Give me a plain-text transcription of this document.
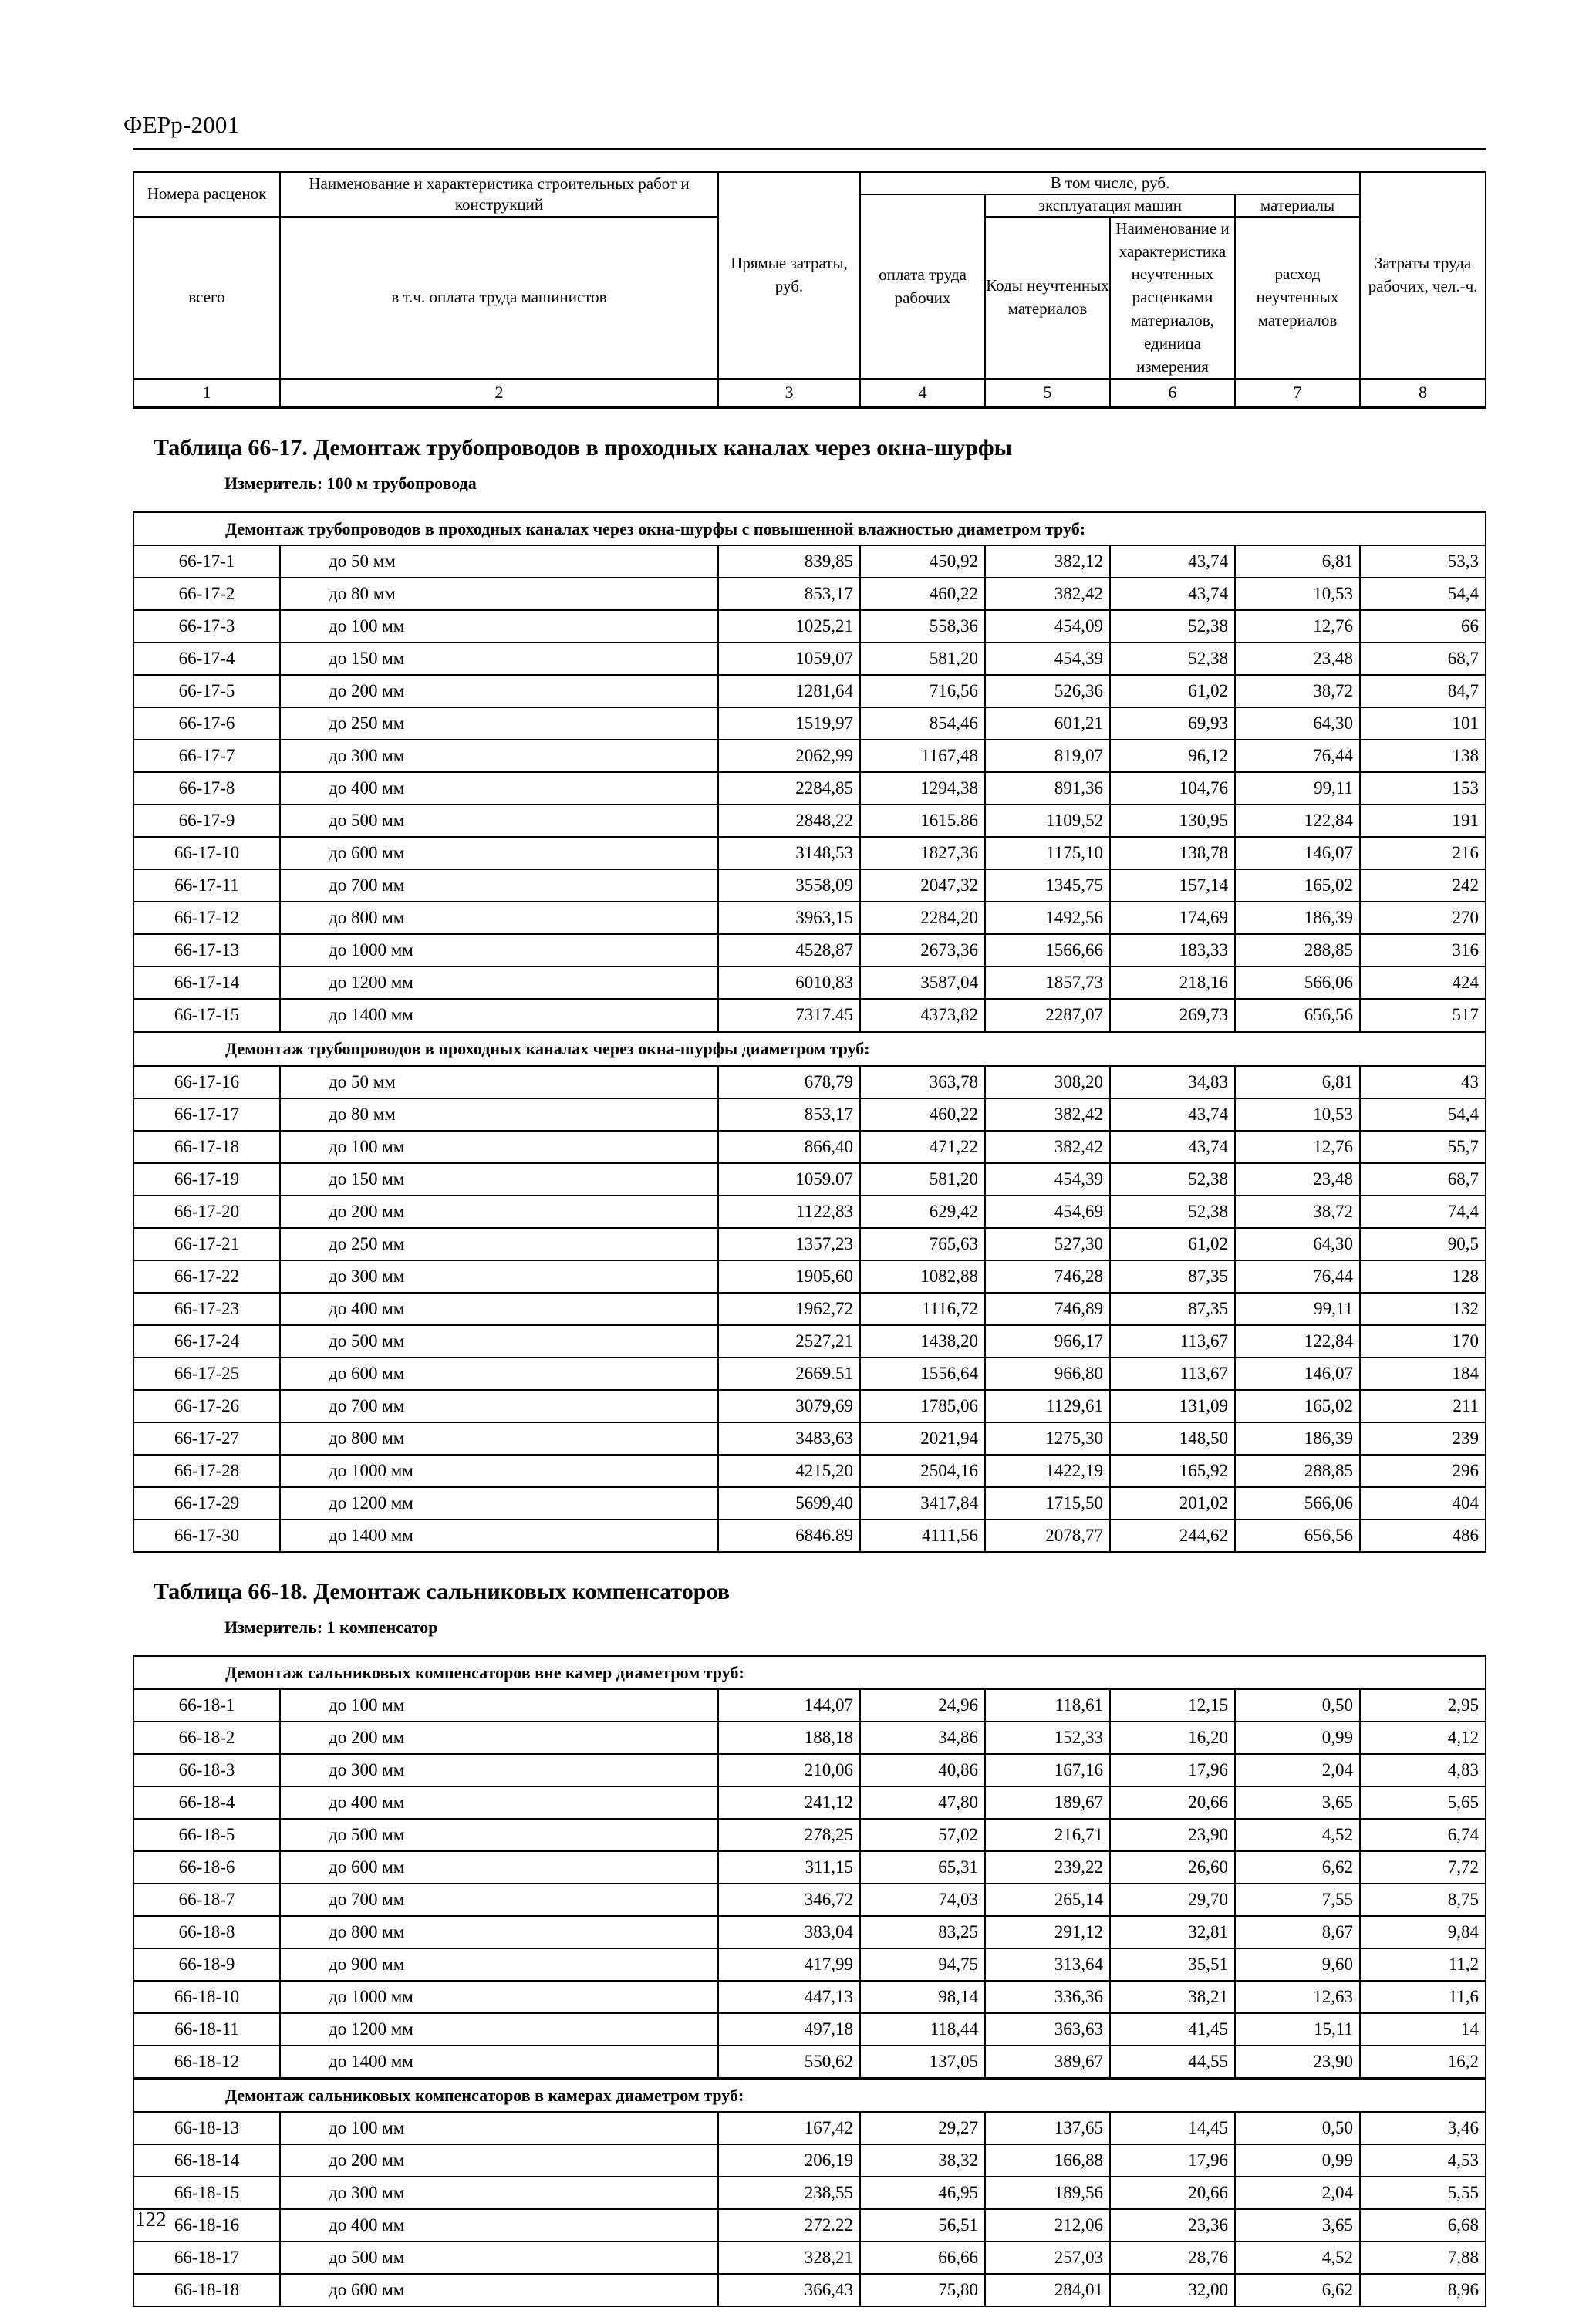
ФЕРр-2001
Номера расценок	Наименование и характеристика строительных работ и конструкций	Прямые затраты, руб.	В том числе, руб.				Затраты труда рабочих, чел.-ч.
			оплата труда рабочих	эксплуатация машин		материалы	
всего	в т.ч. оплата труда машинистов						
				Коды неучтенных материалов	Наименование и характеристика неучтенных расценками материалов, единица измерения	расход неучтенных материалов	
1	2	3	4	5	6	7	8

Таблица 66-17. Демонтаж трубопроводов в проходных каналах через окна-шурфы
Измеритель: 100 м трубопровода							

Демонтаж трубопроводов в проходных каналах через окна-шурфы с повышенной влажностью диаметром труб:							
66-17-1	до 50 мм	839,85	450,92	382,12	43,74	6,81	53,3
66-17-2	до 80 мм	853,17	460,22	382,42	43,74	10,53	54,4
66-17-3	до 100 мм	1025,21	558,36	454,09	52,38	12,76	66
66-17-4	до 150 мм	1059,07	581,20	454,39	52,38	23,48	68,7
66-17-5	до 200 мм	1281,64	716,56	526,36	61,02	38,72	84,7
66-17-6	до 250 мм	1519,97	854,46	601,21	69,93	64,30	101
66-17-7	до 300 мм	2062,99	1167,48	819,07	96,12	76,44	138
66-17-8	до 400 мм	2284,85	1294,38	891,36	104,76	99,11	153
66-17-9	до 500 мм	2848,22	1615.86	1109,52	130,95	122,84	191
66-17-10	до 600 мм	3148,53	1827,36	1175,10	138,78	146,07	216
66-17-11	до 700 мм	3558,09	2047,32	1345,75	157,14	165,02	242
66-17-12	до 800 мм	3963,15	2284,20	1492,56	174,69	186,39	270
66-17-13	до 1000 мм	4528,87	2673,36	1566,66	183,33	288,85	316
66-17-14	до 1200 мм	6010,83	3587,04	1857,73	218,16	566,06	424
66-17-15	до 1400 мм	7317.45	4373,82	2287,07	269,73	656,56	517
Демонтаж трубопроводов в проходных каналах через окна-шурфы диаметром труб:							
66-17-16	до 50 мм	678,79	363,78	308,20	34,83	6,81	43
66-17-17	до 80 мм	853,17	460,22	382,42	43,74	10,53	54,4
66-17-18	до 100 мм	866,40	471,22	382,42	43,74	12,76	55,7
66-17-19	до 150 мм	1059.07	581,20	454,39	52,38	23,48	68,7
66-17-20	до 200 мм	1122,83	629,42	454,69	52,38	38,72	74,4
66-17-21	до 250 мм	1357,23	765,63	527,30	61,02	64,30	90,5
66-17-22	до 300 мм	1905,60	1082,88	746,28	87,35	76,44	128
66-17-23	до 400 мм	1962,72	1116,72	746,89	87,35	99,11	132
66-17-24	до 500 мм	2527,21	1438,20	966,17	113,67	122,84	170
66-17-25	до 600 мм	2669.51	1556,64	966,80	113,67	146,07	184
66-17-26	до 700 мм	3079,69	1785,06	1129,61	131,09	165,02	211
66-17-27	до 800 мм	3483,63	2021,94	1275,30	148,50	186,39	239
66-17-28	до 1000 мм	4215,20	2504,16	1422,19	165,92	288,85	296
66-17-29	до 1200 мм	5699,40	3417,84	1715,50	201,02	566,06	404
66-17-30	до 1400 мм	6846.89	4111,56	2078,77	244,62	656,56	486

Таблица 66-18. Демонтаж сальниковых компенсаторов
Измеритель: 1 компенсатор							

Демонтаж сальниковых компенсаторов вне камер диаметром труб:							
66-18-1	до 100 мм	144,07	24,96	118,61	12,15	0,50	2,95
66-18-2	до 200 мм	188,18	34,86	152,33	16,20	0,99	4,12
66-18-3	до 300 мм	210,06	40,86	167,16	17,96	2,04	4,83
66-18-4	до 400 мм	241,12	47,80	189,67	20,66	3,65	5,65
66-18-5	до 500 мм	278,25	57,02	216,71	23,90	4,52	6,74
66-18-6	до 600 мм	311,15	65,31	239,22	26,60	6,62	7,72
66-18-7	до 700 мм	346,72	74,03	265,14	29,70	7,55	8,75
66-18-8	до 800 мм	383,04	83,25	291,12	32,81	8,67	9,84
66-18-9	до 900 мм	417,99	94,75	313,64	35,51	9,60	11,2
66-18-10	до 1000 мм	447,13	98,14	336,36	38,21	12,63	11,6
66-18-11	до 1200 мм	497,18	118,44	363,63	41,45	15,11	14
66-18-12	до 1400 мм	550,62	137,05	389,67	44,55	23,90	16,2
Демонтаж сальниковых компенсаторов в камерах диаметром труб:							
66-18-13	до 100 мм	167,42	29,27	137,65	14,45	0,50	3,46
66-18-14	до 200 мм	206,19	38,32	166,88	17,96	0,99	4,53
66-18-15	до 300 мм	238,55	46,95	189,56	20,66	2,04	5,55
66-18-16	до 400 мм	272.22	56,51	212,06	23,36	3,65	6,68
66-18-17	до 500 мм	328,21	66,66	257,03	28,76	4,52	7,88
66-18-18	до 600 мм	366,43	75,80	284,01	32,00	6,62	8,96
122
